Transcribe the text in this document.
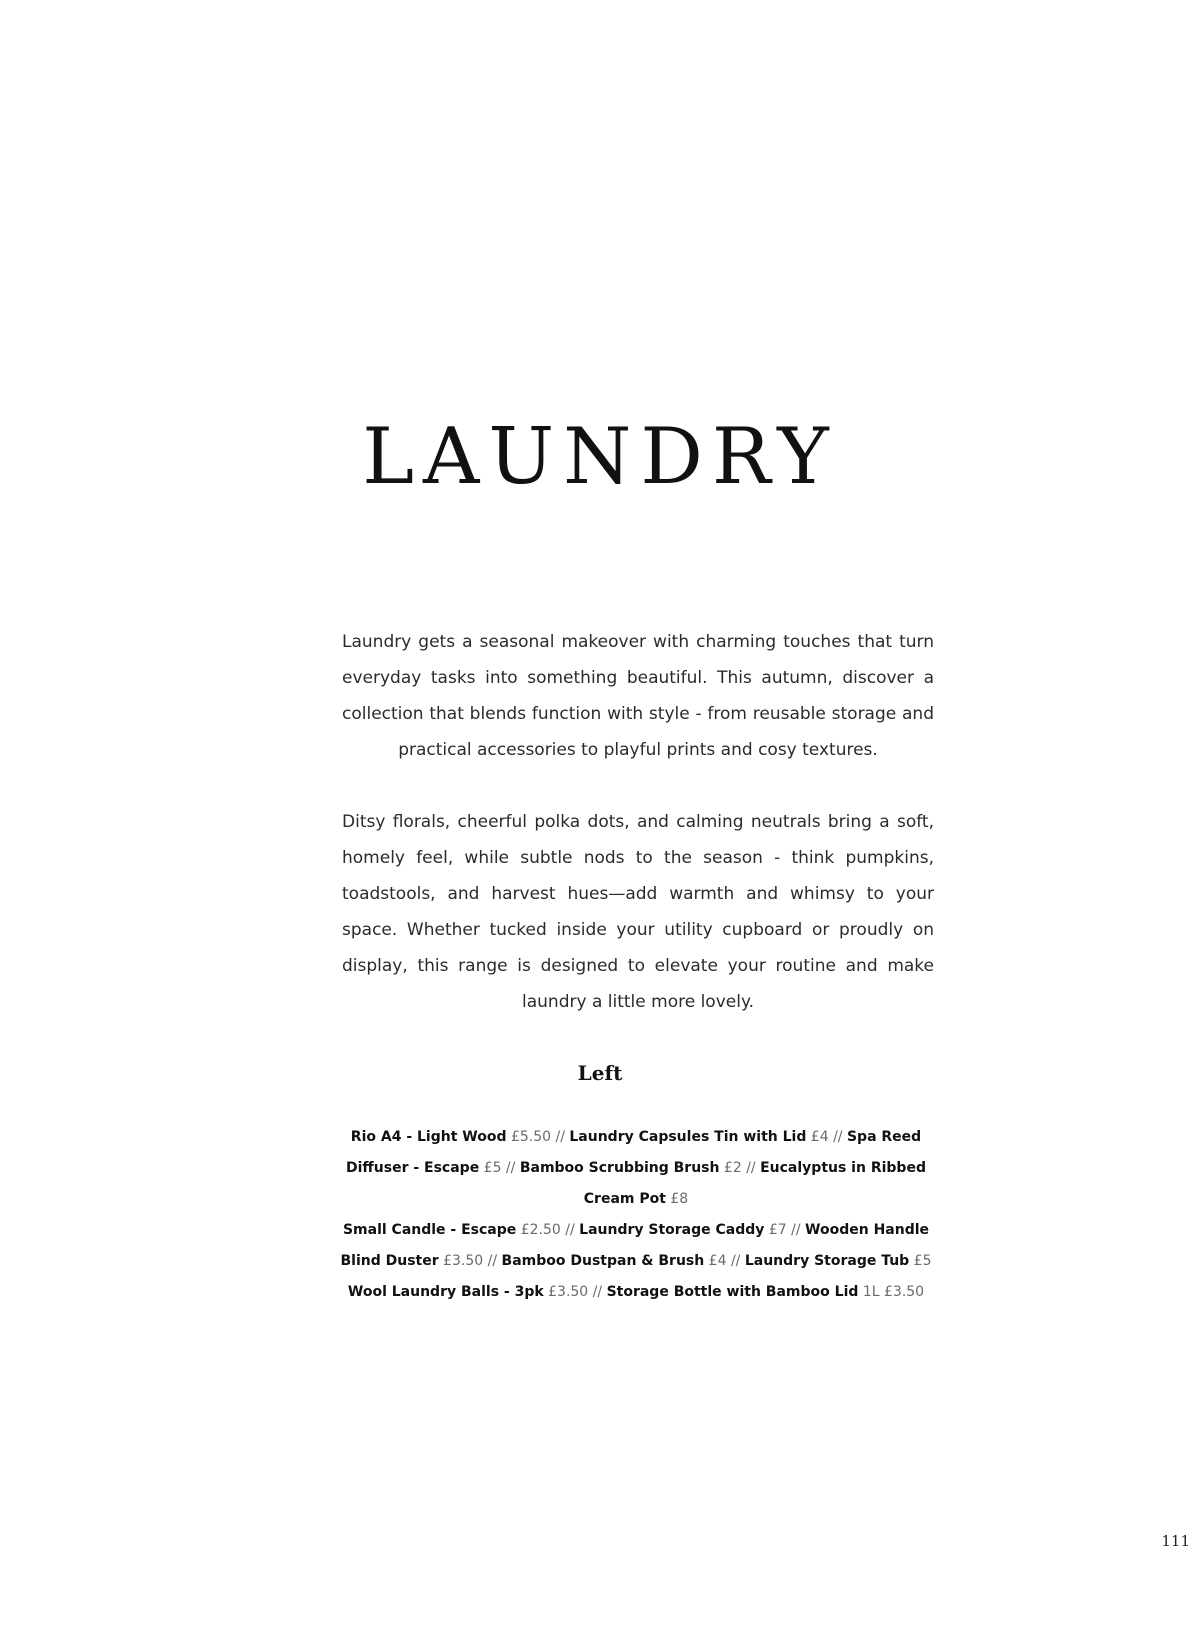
LAUNDRY

Laundry gets a seasonal makeover with charming touches that turn everyday tasks into something beautiful. This autumn, discover a collection that blends function with style - from reusable storage and practical accessories to playful prints and cosy textures.

Ditsy florals, cheerful polka dots, and calming neutrals bring a soft, homely feel, while subtle nods to the season - think pumpkins, toadstools, and harvest hues—add warmth and whimsy to your space. Whether tucked inside your utility cupboard or proudly on display, this range is designed to elevate your routine and make laundry a little more lovely.

Left
Rio A4 - Light Wood £5.50 // Laundry Capsules Tin with Lid £4 // Spa Reed Diffuser - Escape £5 // Bamboo Scrubbing Brush £2 // Eucalyptus in Ribbed Cream Pot £8
Small Candle - Escape £2.50 // Laundry Storage Caddy £7 // Wooden Handle Blind Duster £3.50 // Bamboo Dustpan & Brush £4 // Laundry Storage Tub £5
Wool Laundry Balls - 3pk £3.50 // Storage Bottle with Bamboo Lid 1L £3.50
111
